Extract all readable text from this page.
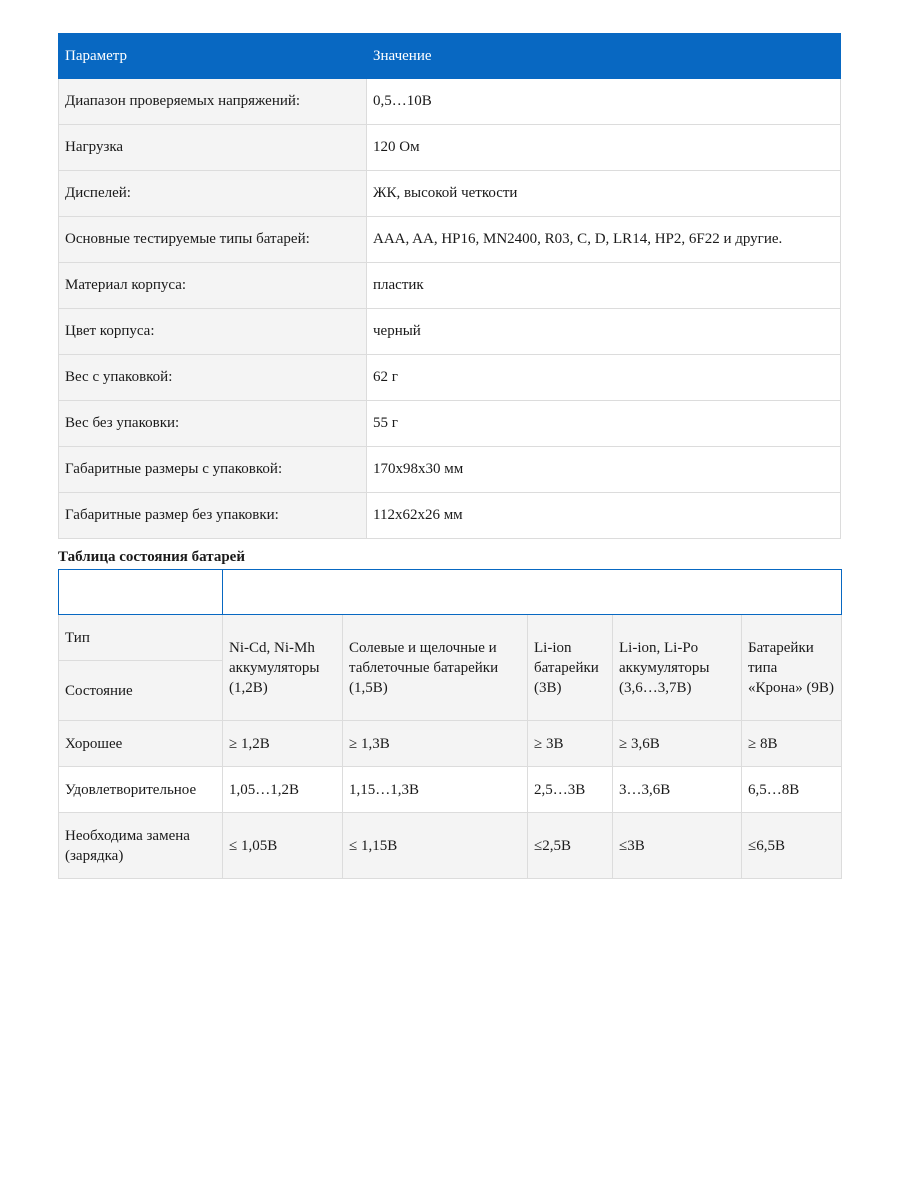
Параметр	Значение
Диапазон проверяемых напряжений:	0,5…10В
Нагрузка	120 Ом
Диспелей:	ЖК, высокой четкости
Основные тестируемые типы батарей:	AAA, AA, HP16, MN2400, R03, C, D, LR14, HP2, 6F22 и другие.
Материал корпуса:	пластик
Цвет корпуса:	черный
Вес с упаковкой:	62 г
Вес без упаковки:	55 г
Габаритные размеры с упаковкой:	170x98x30 мм
Габаритные размер без упаковки:	112x62x26 мм

Таблица состояния батарей

Параметр	Значение				
Тип	Ni-Cd, Ni-Mh аккумуляторы (1,2В)	Солевые и щелочные и таблеточные батарейки (1,5В)	Li-ion батарейки (3В)	Li-ion, Li-Po аккумуляторы (3,6…3,7В)	Батарейки типа «Крона» (9В)
Состояние					
Хорошее	≥ 1,2В	≥ 1,3В	≥ 3В	≥ 3,6В	≥ 8В
Удовлетворительное	1,05…1,2В	1,15…1,3В	2,5…3В	3…3,6В	6,5…8В
Необходима замена (зарядка)	≤ 1,05В	≤ 1,15В	≤2,5В	≤3В	≤6,5В
